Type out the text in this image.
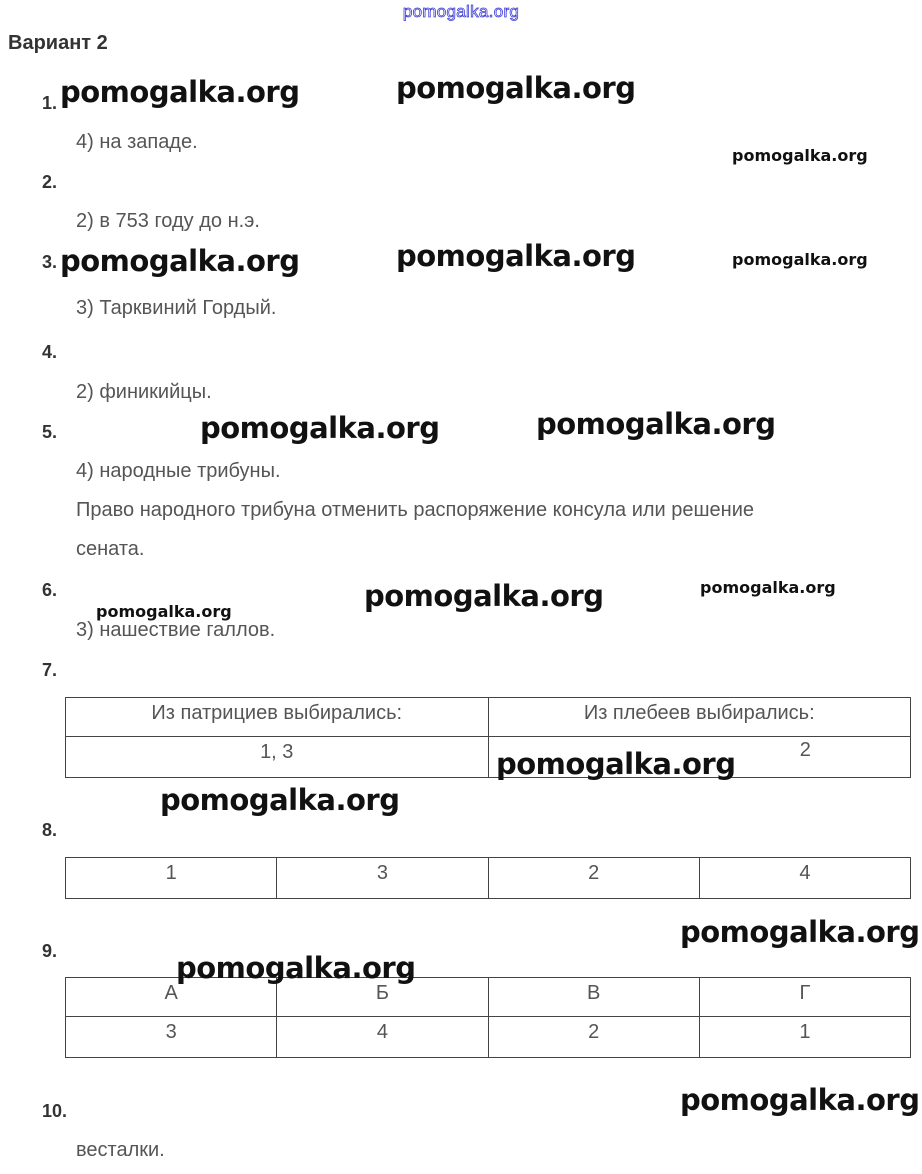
pomogalka.org
Вариант 2
1.
4) на западе.
2.
2) в 753 году до н.э.
3.
3) Тарквиний Гордый.
4.
2) финикийцы.
5.
4) народные трибуны.
Право народного трибуна отменить распоряжение консула или решение
сената.
6.
3) нашествие галлов.
7.
Из патрициев выбирались:	Из плебеев выбирались:
1, 3	2
8.
1	3	2	4
9.
А	Б	В	Г
3	4	2	1
10.
весталки.
pomogalka.org	pomogalka.org
pomogalka.org
pomogalka.org	pomogalka.org	pomogalka.org
pomogalka.org	pomogalka.org
pomogalka.org
pomogalka.org
pomogalka.org
pomogalka.org
pomogalka.org
pomogalka.org
pomogalka.org
pomogalka.org
